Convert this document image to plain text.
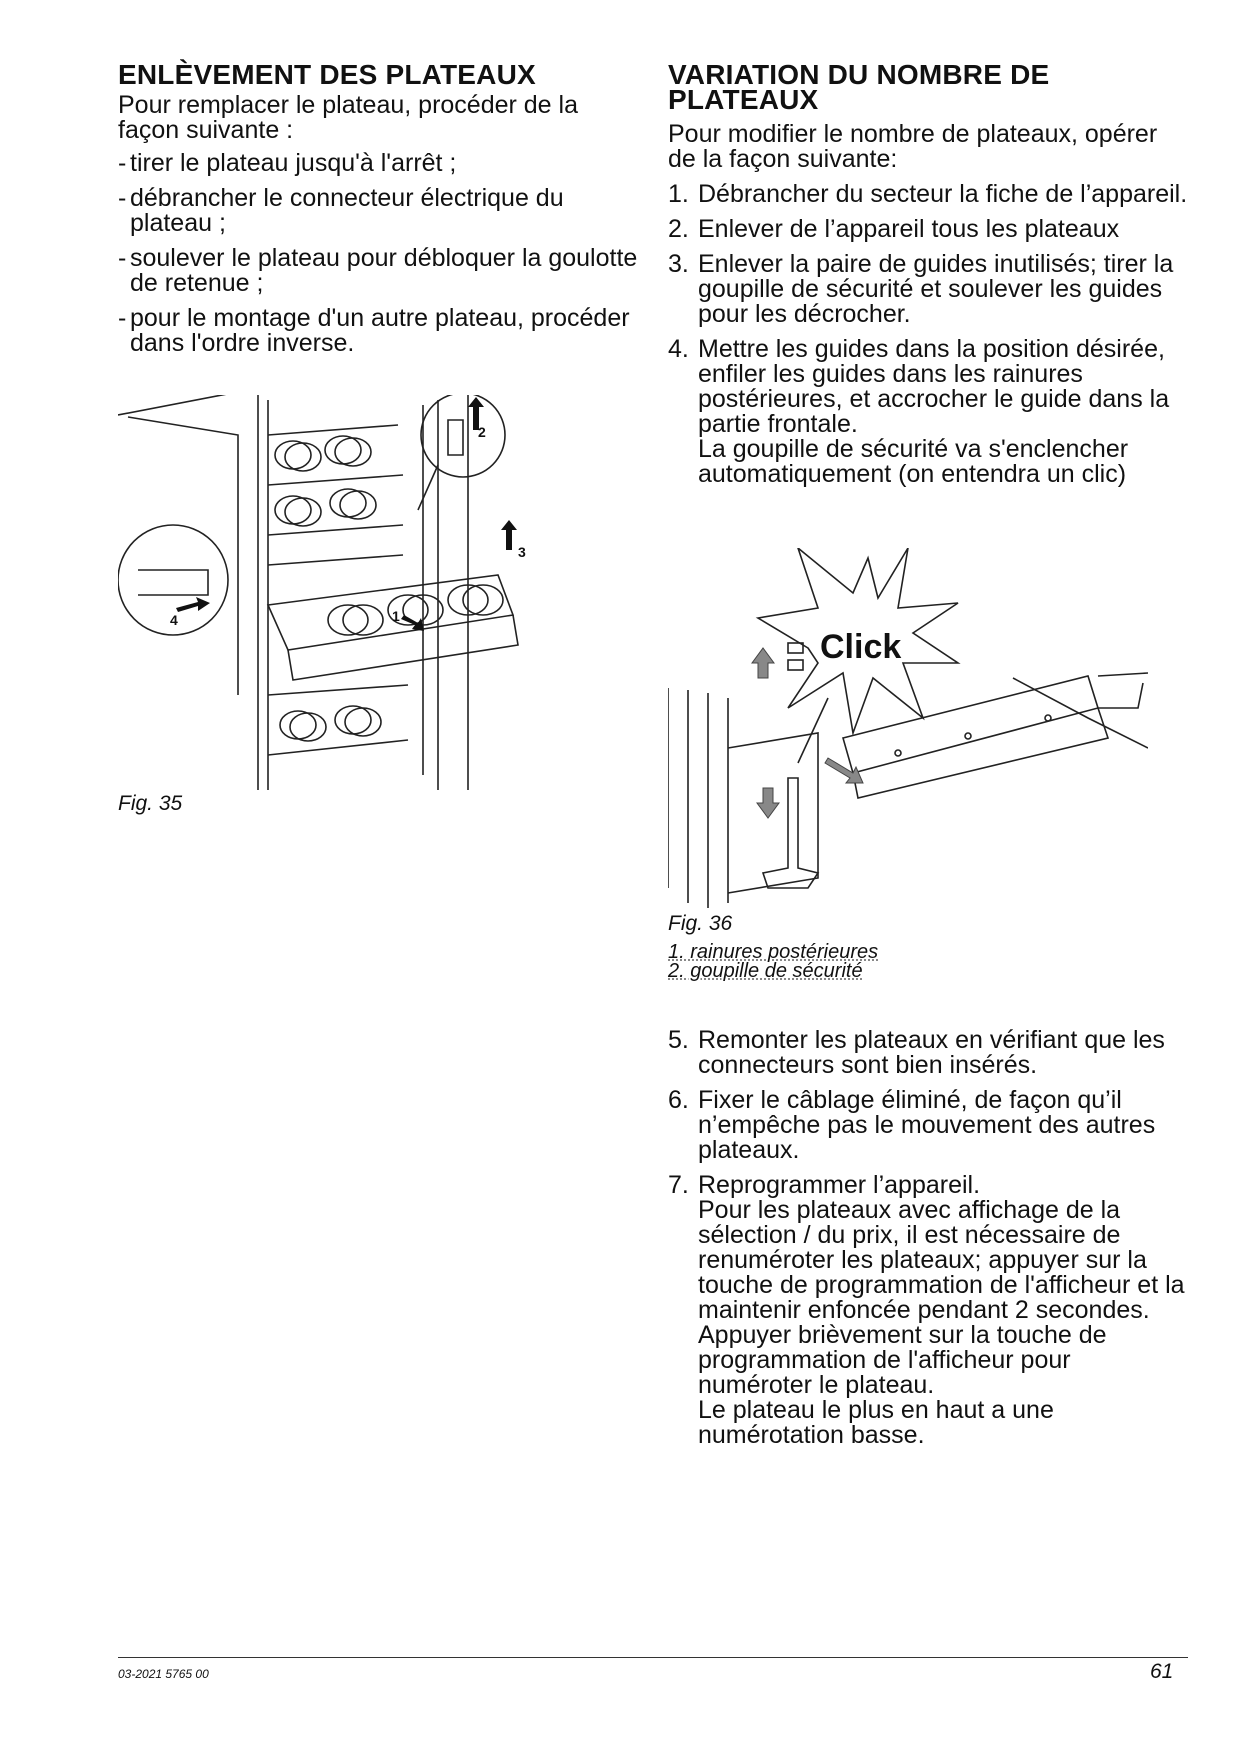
ENLÈVEMENT DES PLATEAUX

Pour remplacer le plateau, procéder de la façon suivante :

- tirer le plateau jusqu'à l'arrêt ;
- débrancher le connecteur électrique du plateau ;
- soulever le plateau pour débloquer la goulotte de retenue ;
- pour le montage d'un autre plateau, procéder dans l'ordre inverse.
2
3
1
4
Fig. 35
VARIATION DU NOMBRE DE PLATEAUX

Pour modifier le nombre de plateaux, opérer de la façon suivante:

1. Débrancher du secteur la fiche de l’appareil.
2. Enlever de l’appareil tous les plateaux
3. Enlever la paire de guides inutilisés; tirer la goupille de sécurité et soulever les guides pour les décrocher.
4. Mettre les guides dans la position désirée, enfiler les guides dans les rainures postérieures, et accrocher le guide dans la partie frontale.
La goupille de sécurité va s'enclencher automatiquement (on entendra un clic)
Click
Fig. 36
1. rainures postérieures
2. goupille de sécurité
5. Remonter les plateaux en vérifiant que les connecteurs sont bien insérés.
6. Fixer le câblage éliminé, de façon qu’il n’empêche pas le mouvement des autres plateaux.
7. Reprogrammer l’appareil.
Pour les plateaux avec affichage de la sélection / du prix, il est nécessaire de renuméroter les plateaux; appuyer sur la touche de programmation de l'afficheur et la maintenir enfoncée pendant 2 secondes.
Appuyer brièvement sur la touche de programmation de l'afficheur pour numéroter le plateau.
Le plateau le plus en haut a une numérotation basse.
03-2021 5765 00	61
